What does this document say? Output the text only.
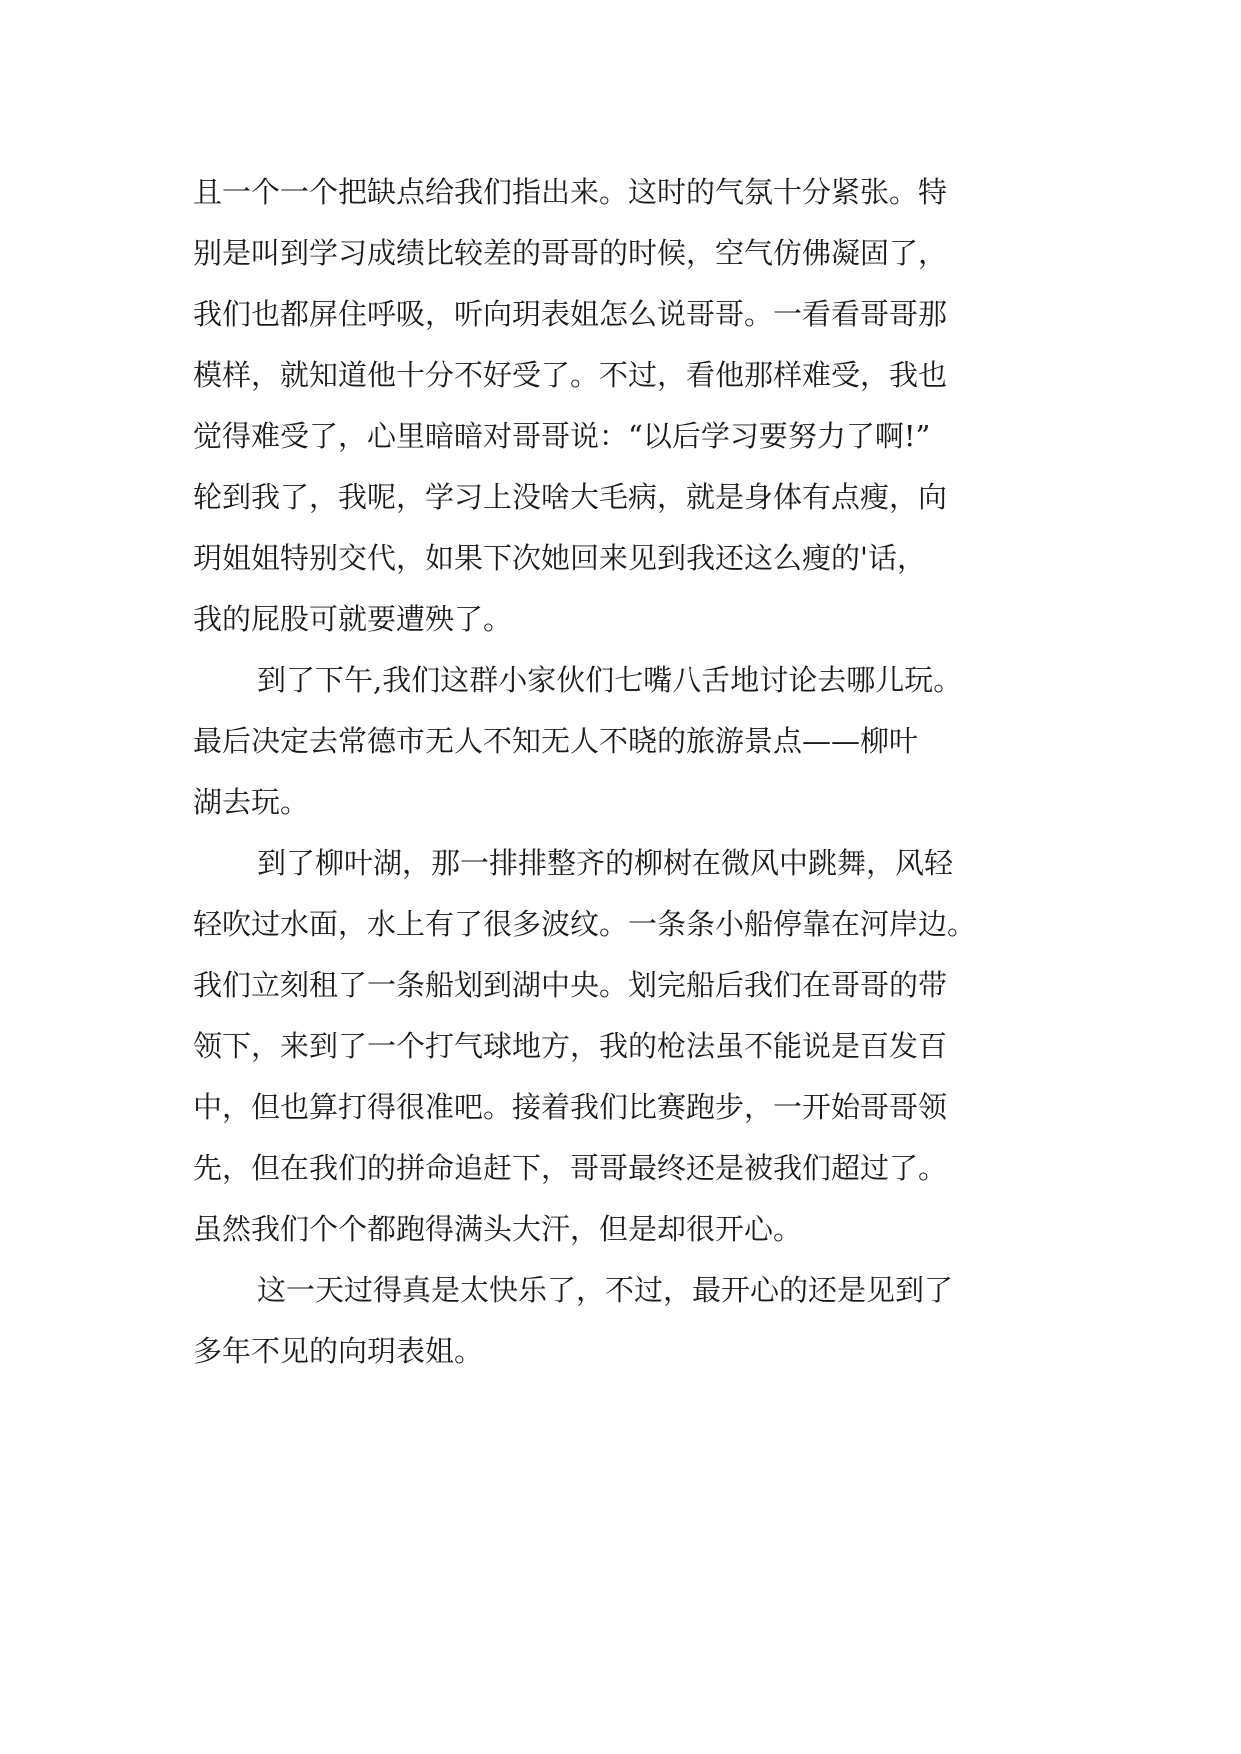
且一个一个把缺点给我们指出来。这时的气氛十分紧张。特
别是叫到学习成绩比较差的哥哥的时候，空气仿佛凝固了，
我们也都屏住呼吸，听向玥表姐怎么说哥哥。一看看哥哥那
模样，就知道他十分不好受了。不过，看他那样难受，我也
觉得难受了，心里暗暗对哥哥说：“以后学习要努力了啊!”
轮到我了，我呢，学习上没啥大毛病，就是身体有点瘦，向
玥姐姐特别交代，如果下次她回来见到我还这么瘦的'话，
我的屁股可就要遭殃了。
到了下午,我们这群小家伙们七嘴八舌地讨论去哪儿玩。
最后决定去常德市无人不知无人不晓的旅游景点——柳叶
湖去玩。
到了柳叶湖，那一排排整齐的柳树在微风中跳舞，风轻
轻吹过水面，水上有了很多波纹。一条条小船停靠在河岸边。
我们立刻租了一条船划到湖中央。划完船后我们在哥哥的带
领下，来到了一个打气球地方，我的枪法虽不能说是百发百
中，但也算打得很准吧。接着我们比赛跑步，一开始哥哥领
先，但在我们的拼命追赶下，哥哥最终还是被我们超过了。
虽然我们个个都跑得满头大汗，但是却很开心。
这一天过得真是太快乐了，不过，最开心的还是见到了
多年不见的向玥表姐。
